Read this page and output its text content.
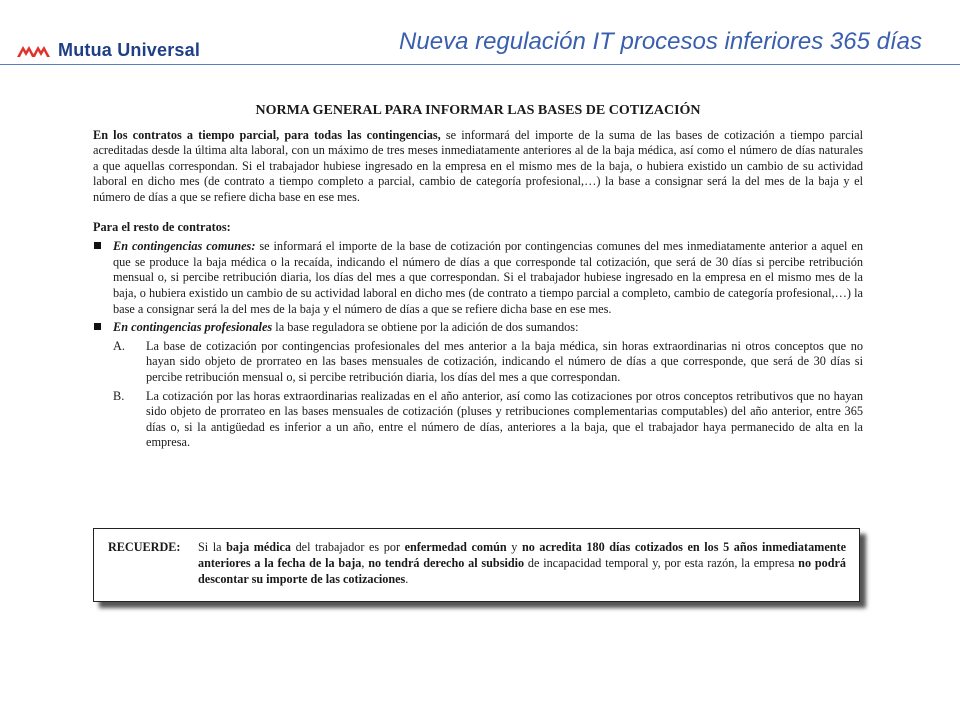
Mutua Universal	Nueva regulación IT procesos inferiores 365 días
NORMA GENERAL PARA INFORMAR LAS BASES DE COTIZACIÓN

En los contratos a tiempo parcial, para todas las contingencias, se informará del importe de la suma de las bases de cotización a tiempo parcial acreditadas desde la última alta laboral, con un máximo de tres meses inmediatamente anteriores al de la baja médica, así como el número de días naturales a que aquellas correspondan. Si el trabajador hubiese ingresado en la empresa en el mismo mes de la baja, o hubiera existido un cambio de su actividad laboral en dicho mes (de contrato a tiempo completo a parcial, cambio de categoría profesional,…) la base a consignar será la del mes de la baja y el número de días a que se refiere dicha base en ese mes.

Para el resto de contratos:
En contingencias comunes: se informará el importe de la base de cotización por contingencias comunes del mes inmediatamente anterior a aquel en que se produce la baja médica o la recaída, indicando el número de días a que corresponde tal cotización, que será de 30 días si percibe retribución mensual o, si percibe retribución diaria, los días del mes a que correspondan. Si el trabajador hubiese ingresado en la empresa en el mismo mes de la baja, o hubiera existido un cambio de su actividad laboral en dicho mes (de contrato a tiempo parcial a completo, cambio de categoría profesional,…) la base a consignar será la del mes de la baja y el número de días a que se refiere dicha base en ese mes.
En contingencias profesionales la base reguladora se obtiene por la adición de dos sumandos:
A.	La base de cotización por contingencias profesionales del mes anterior a la baja médica, sin horas extraordinarias ni otros conceptos que no hayan sido objeto de prorrateo en las bases mensuales de cotización, indicando el número de días a que corresponde, que será de 30 días si percibe retribución mensual o, si percibe retribución diaria, los días del mes a que correspondan.
B.	La cotización por las horas extraordinarias realizadas en el año anterior, así como las cotizaciones por otros conceptos retributivos que no hayan sido objeto de prorrateo en las bases mensuales de cotización (pluses y retribuciones complementarias computables) del año anterior, entre 365 días o, si la antigüedad es inferior a un año, entre el número de días, anteriores a la baja, que el trabajador haya permanecido de alta en la empresa.
RECUERDE: Si la baja médica del trabajador es por enfermedad común y no acredita 180 días cotizados en los 5 años inmediatamente anteriores a la fecha de la baja, no tendrá derecho al subsidio de incapacidad temporal y, por esta razón, la empresa no podrá descontar su importe de las cotizaciones.
